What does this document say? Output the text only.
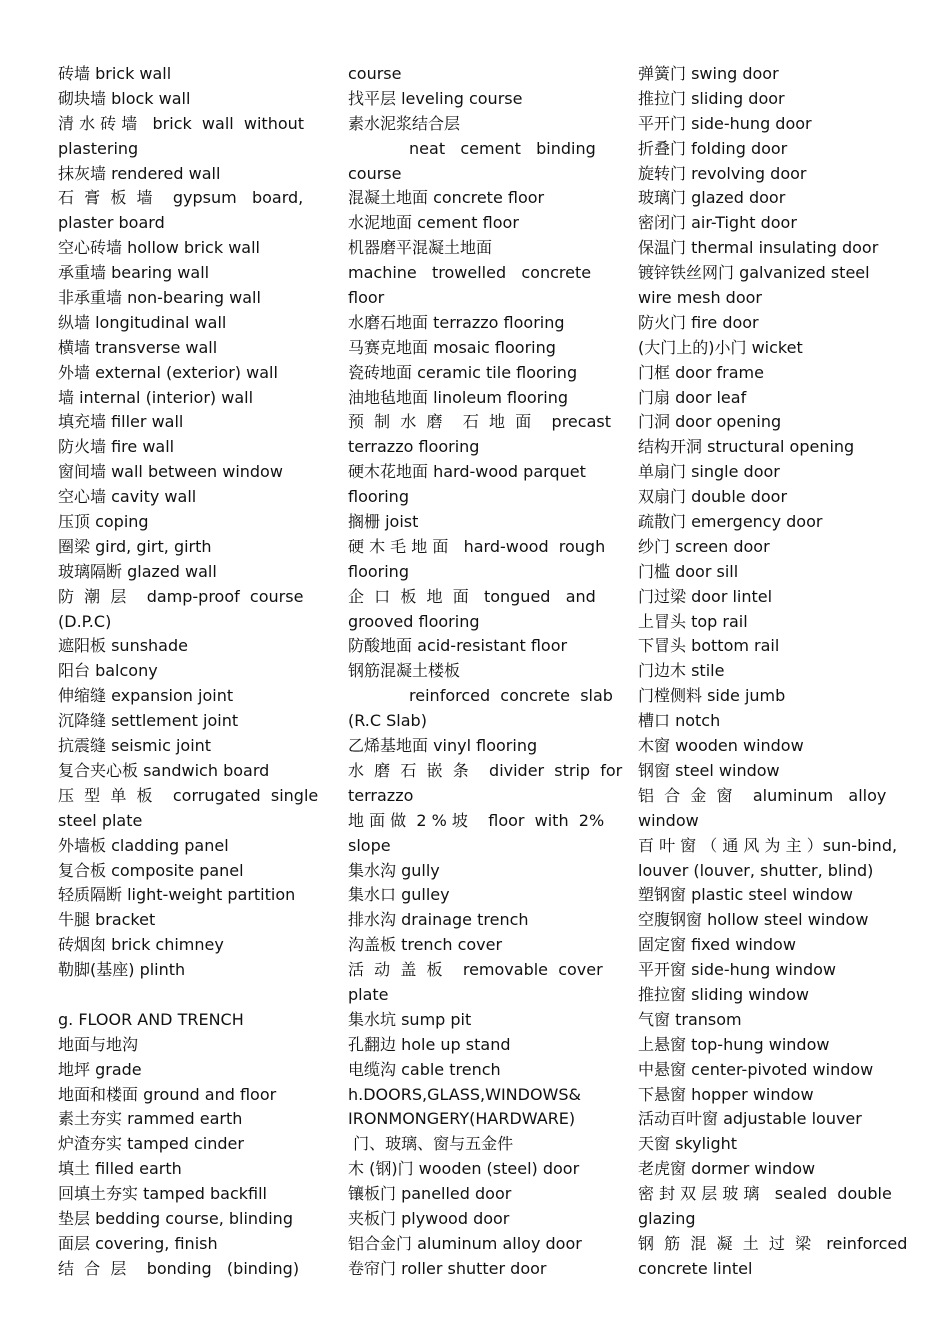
砖墙 brick wall
砌块墙 block wall
清 水 砖 墙   brick  wall  without
plastering
抹灰墙 rendered wall
石  膏  板  墙    gypsum   board,
plaster board
空心砖墙 hollow brick wall
承重墙 bearing wall
非承重墙 non-bearing wall
纵墙 longitudinal wall
横墙 transverse wall
外墙 external (exterior) wall
墙 internal (interior) wall
填充墙 filler wall
防火墙 fire wall
窗间墙 wall between window
空心墙 cavity wall
压顶 coping
圈梁 gird, girt, girth
玻璃隔断 glazed wall
防  潮  层    damp-proof  course
(D.P.C)
遮阳板 sunshade
阳台 balcony
伸缩缝 expansion joint
沉降缝 settlement joint
抗震缝 seismic joint
复合夹心板 sandwich board
压  型  单  板    corrugated  single
steel plate
外墙板 cladding panel
复合板 composite panel
轻质隔断 light-weight partition
牛腿 bracket
砖烟囱 brick chimney
勒脚(基座) plinth
g. FLOOR AND TRENCH
地面与地沟
地坪 grade
地面和楼面 ground and floor
素土夯实 rammed earth
炉渣夯实 tamped cinder
填土 filled earth
回填土夯实 tamped backfill
垫层 bedding course, blinding
面层 covering, finish
结  合  层    bonding   (binding)
course
找平层 leveling course
素水泥浆结合层
neat   cement   binding
course
混凝土地面 concrete floor
水泥地面 cement floor
机器磨平混凝土地面
machine   trowelled   concrete
floor
水磨石地面 terrazzo flooring
马赛克地面 mosaic flooring
瓷砖地面 ceramic tile flooring
油地毡地面 linoleum flooring
预  制  水  磨    石  地  面    precast
terrazzo flooring
硬木花地面 hard-wood parquet
flooring
搁栅 joist
硬 木 毛 地 面   hard-wood  rough
flooring
企  口  板  地  面   tongued   and
grooved flooring
防酸地面 acid-resistant floor
钢筋混凝土楼板
reinforced  concrete  slab
(R.C Slab)
乙烯基地面 vinyl flooring
水  磨  石  嵌  条    divider  strip  for
terrazzo
地 面 做  2 % 坡    floor  with  2%
slope
集水沟 gully
集水口 gulley
排水沟 drainage trench
沟盖板 trench cover
活  动  盖  板    removable  cover
plate
集水坑 sump pit
孔翻边 hole up stand
电缆沟 cable trench
h.DOORS,GLASS,WINDOWS&
IRONMONGERY(HARDWARE)
门、玻璃、窗与五金件
木 (钢)门 wooden (steel) door
镶板门 panelled door
夹板门 plywood door
铝合金门 aluminum alloy door
卷帘门 roller shutter door
弹簧门 swing door
推拉门 sliding door
平开门 side-hung door
折叠门 folding door
旋转门 revolving door
玻璃门 glazed door
密闭门 air-Tight door
保温门 thermal insulating door
镀锌铁丝网门 galvanized steel
wire mesh door
防火门 fire door
(大门上的)小门 wicket
门框 door frame
门扇 door leaf
门洞 door opening
结构开洞 structural opening
单扇门 single door
双扇门 double door
疏散门 emergency door
纱门 screen door
门槛 door sill
门过梁 door lintel
上冒头 top rail
下冒头 bottom rail
门边木 stile
门樘侧料 side jumb
槽口 notch
木窗 wooden window
钢窗 steel window
铝  合  金  窗    aluminum   alloy
window
百 叶 窗 （ 通 风 为 主 ）sun-bind,
louver (louver, shutter, blind)
塑钢窗 plastic steel window
空腹钢窗 hollow steel window
固定窗 fixed window
平开窗 side-hung window
推拉窗 sliding window
气窗 transom
上悬窗 top-hung window
中悬窗 center-pivoted window
下悬窗 hopper window
活动百叶窗 adjustable louver
天窗 skylight
老虎窗 dormer window
密 封 双 层 玻 璃   sealed  double
glazing
钢  筋  混  凝  土  过  梁   reinforced
concrete lintel
